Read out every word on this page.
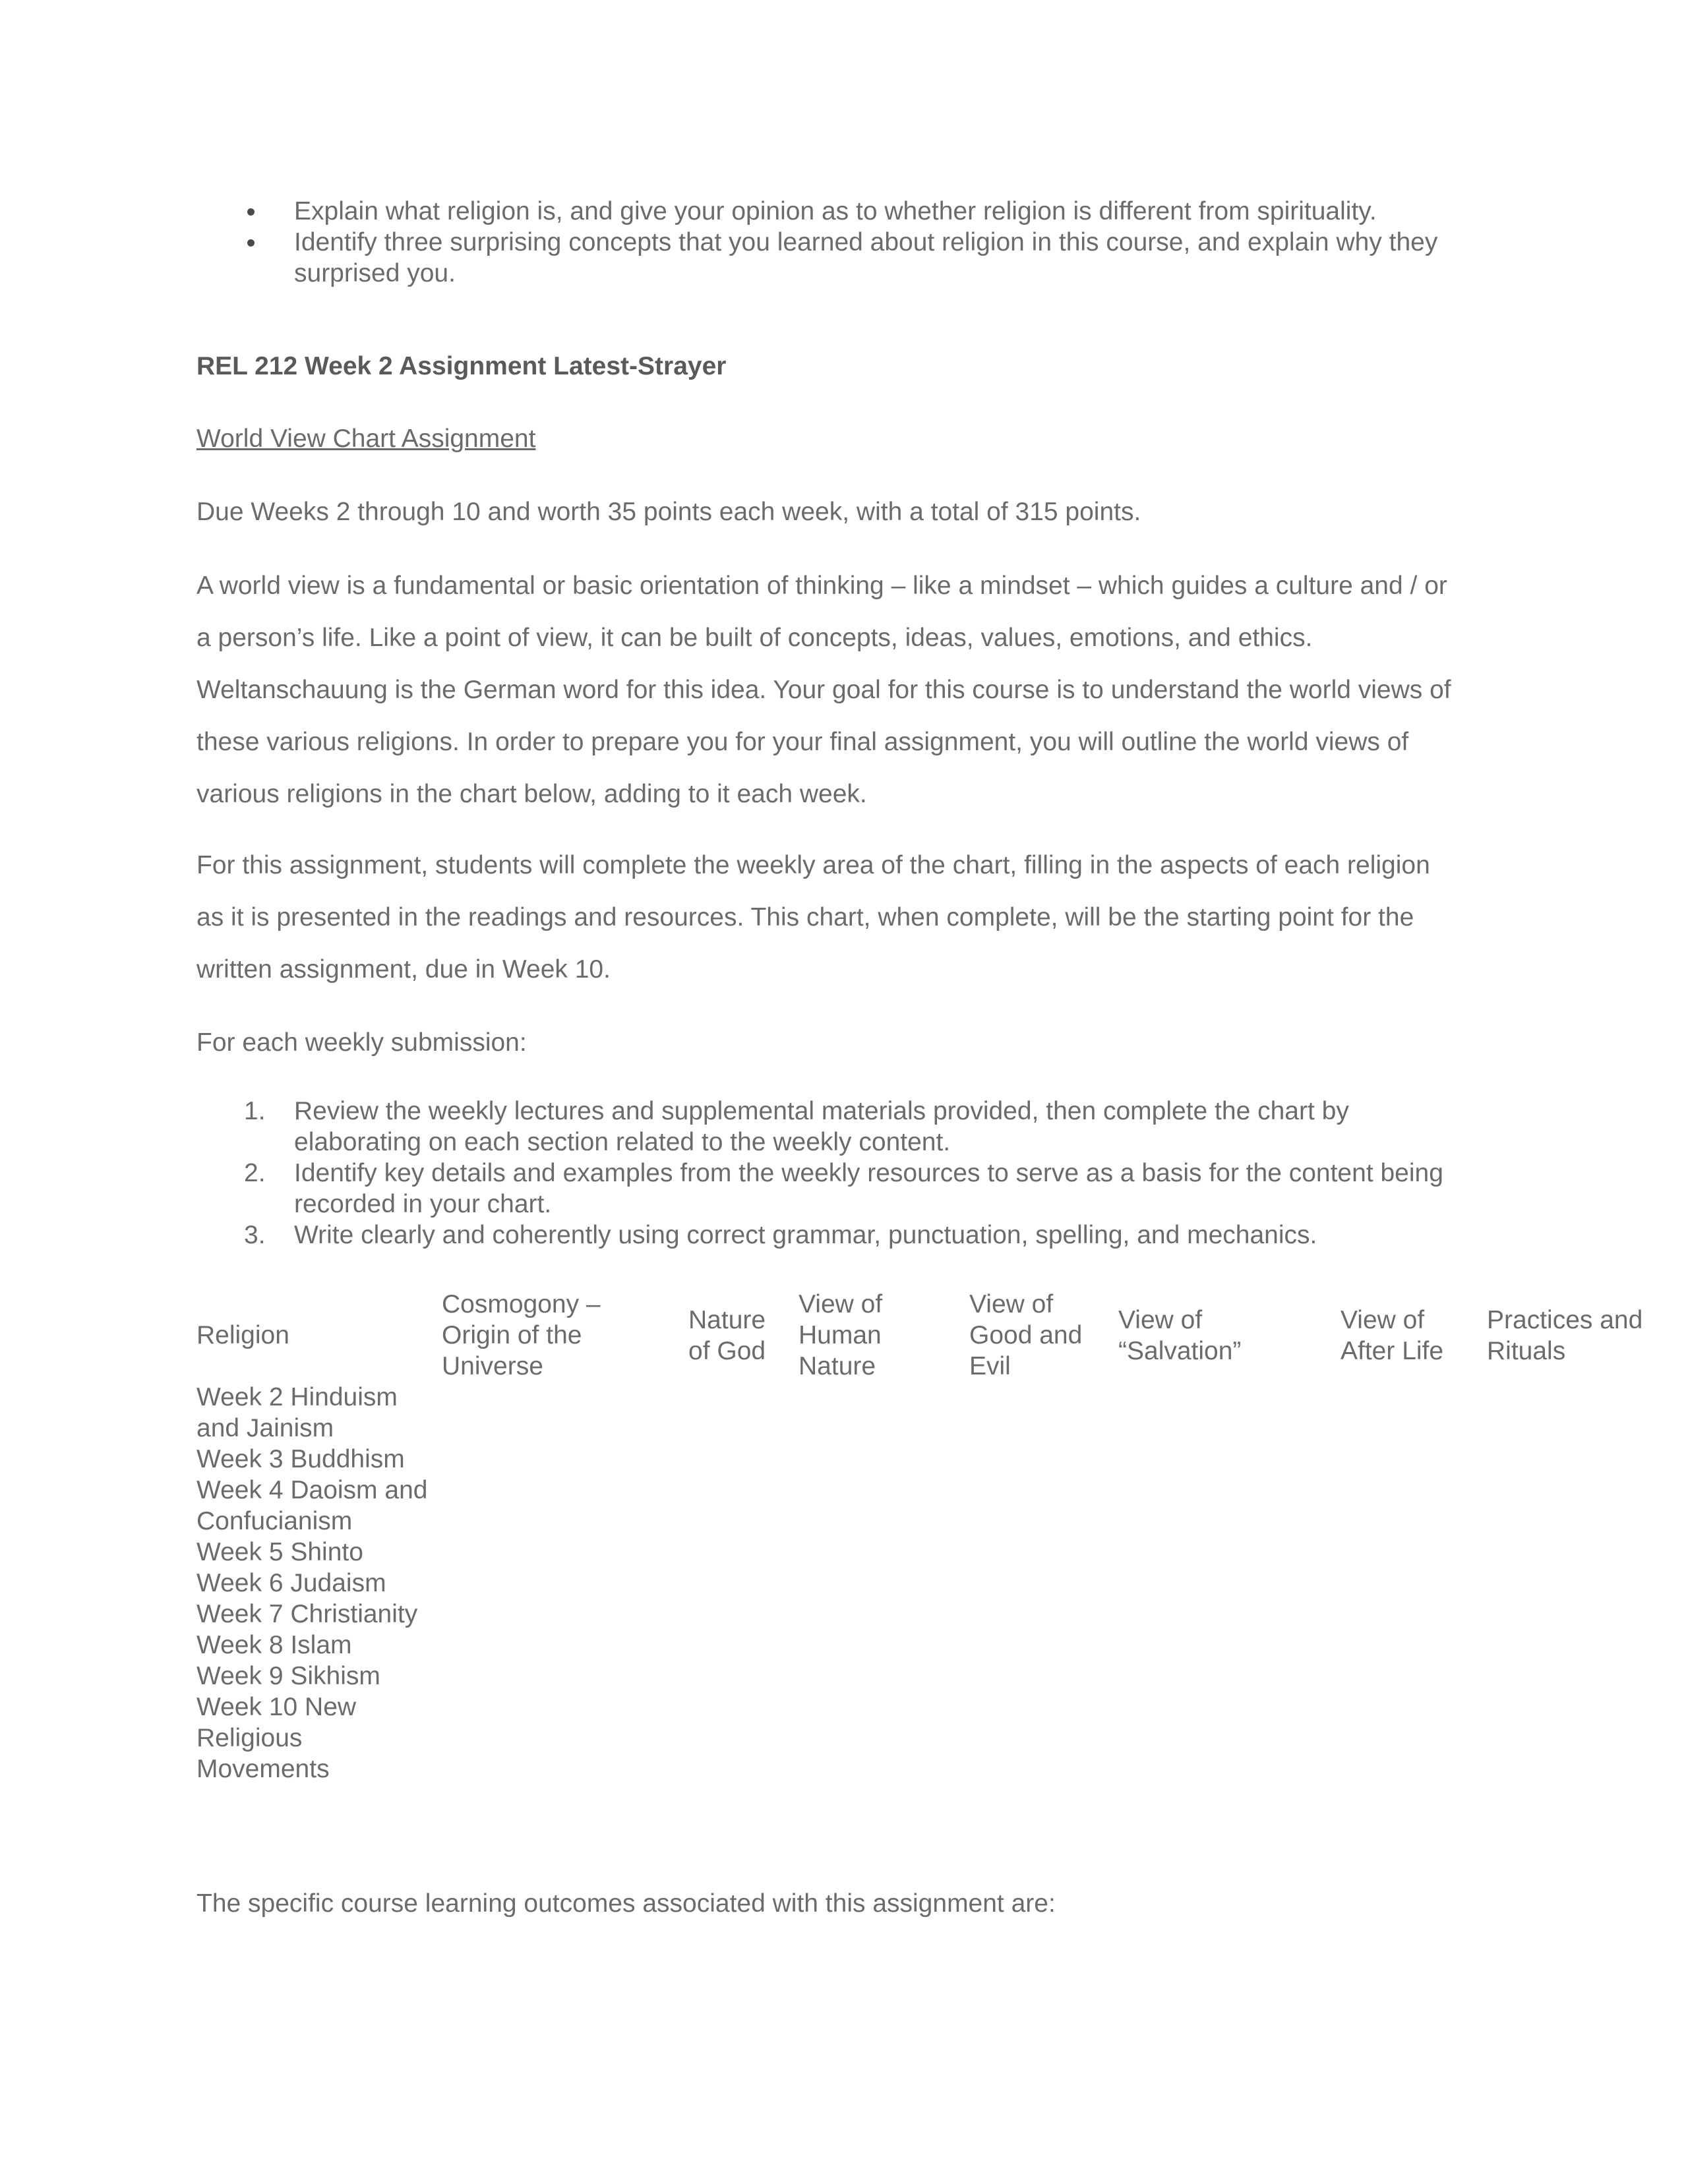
Explain what religion is, and give your opinion as to whether religion is different from spirituality.
Identify three surprising concepts that you learned about religion in this course, and explain why they surprised you.
REL 212 Week 2 Assignment Latest-Strayer
World View Chart Assignment
Due Weeks 2 through 10 and worth 35 points each week, with a total of 315 points.

A world view is a fundamental or basic orientation of thinking – like a mindset – which guides a culture and / or a person’s life. Like a point of view, it can be built of concepts, ideas, values, emotions, and ethics. Weltanschauung is the German word for this idea. Your goal for this course is to understand the world views of these various religions. In order to prepare you for your final assignment, you will outline the world views of various religions in the chart below, adding to it each week.

For this assignment, students will complete the weekly area of the chart, filling in the aspects of each religion as it is presented in the readings and resources. This chart, when complete, will be the starting point for the written assignment, due in Week 10.

For each weekly submission:
1. Review the weekly lectures and supplemental materials provided, then complete the chart by elaborating on each section related to the weekly content.
2. Identify key details and examples from the weekly resources to serve as a basis for the content being recorded in your chart.
3. Write clearly and coherently using correct grammar, punctuation, spelling, and mechanics.
Religion
Cosmogony –
Origin of the
Universe
Nature
of God
View of
Human
Nature
View of
Good and
Evil
View of
“Salvation”
View of
After Life
Practices and
Rituals
Week 2 Hinduism
and Jainism
Week 3 Buddhism
Week 4 Daoism and
Confucianism
Week 5 Shinto
Week 6 Judaism
Week 7 Christianity
Week 8 Islam
Week 9 Sikhism
Week 10 New
Religious
Movements
The specific course learning outcomes associated with this assignment are:
